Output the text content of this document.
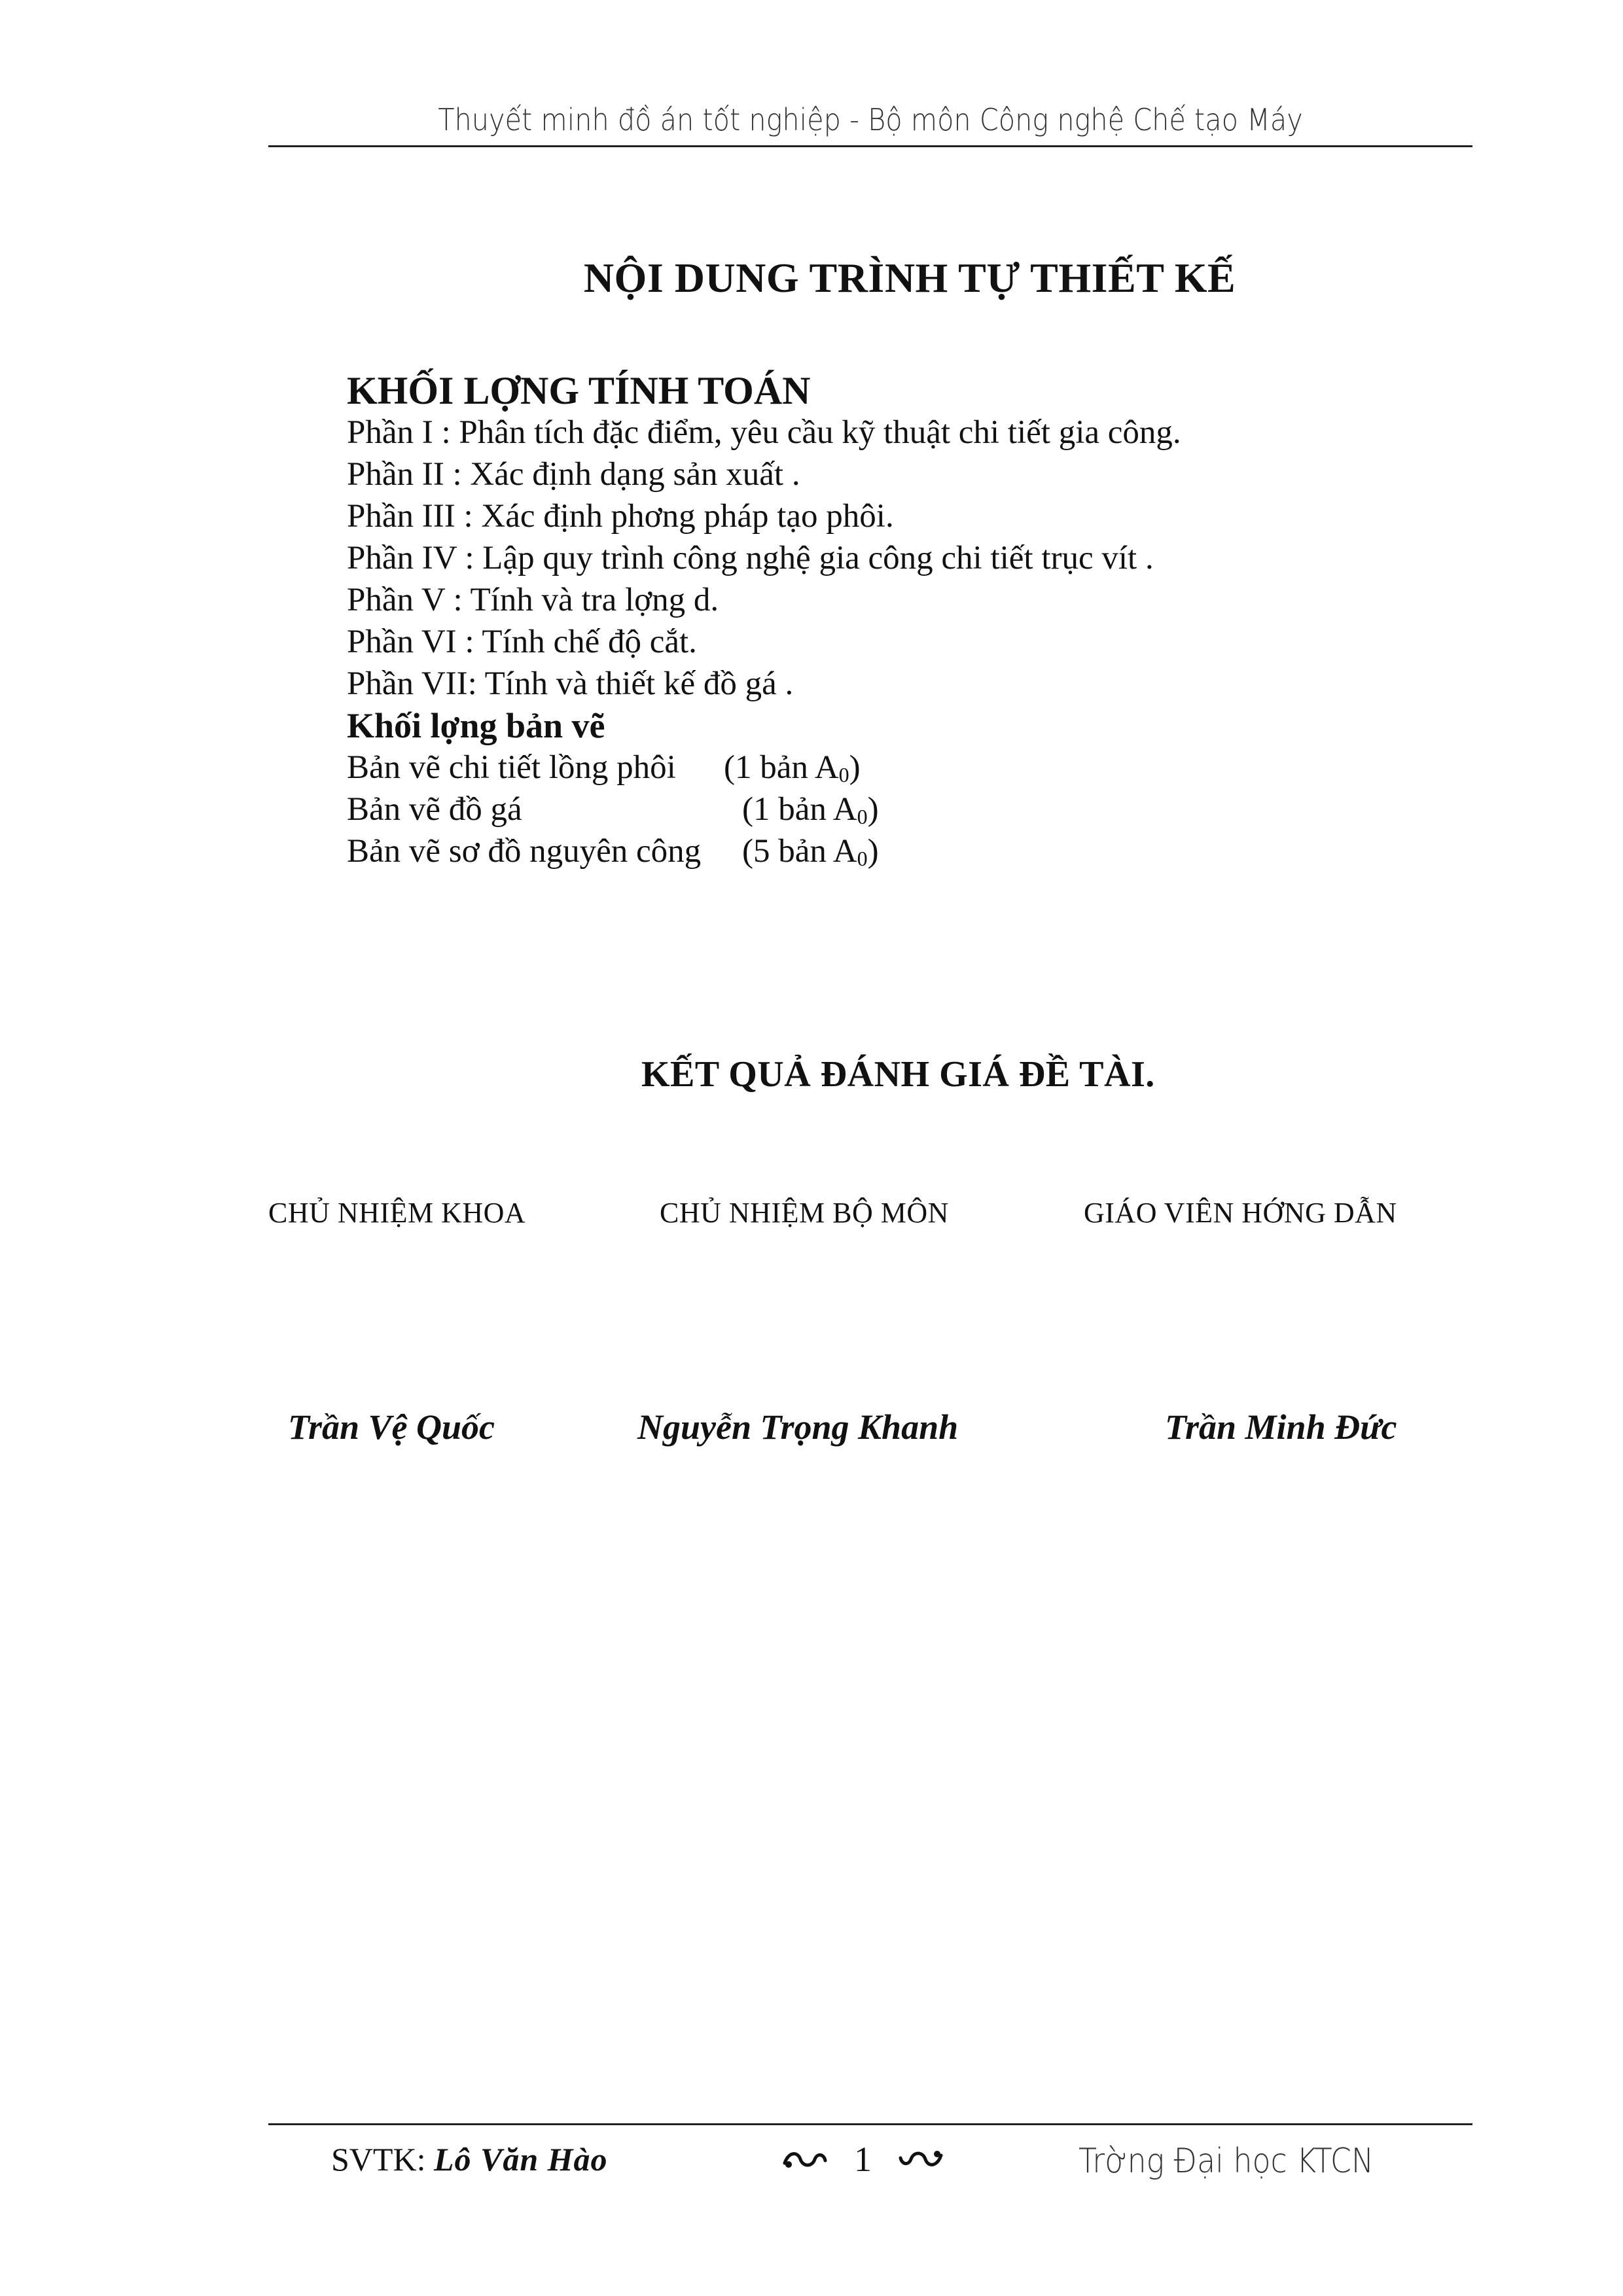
Thuyết minh đồ án tốt nghiệp - Bộ môn Công nghệ Chế tạo Máy
NỘI DUNG TRÌNH TỰ THIẾT KẾ
KHỐI LỢNG TÍNH TOÁN
Phần I : Phân tích đặc điểm, yêu cầu kỹ thuật chi tiết gia công.
Phần II : Xác định dạng sản xuất .
Phần III : Xác định phơng pháp tạo phôi.
Phần IV : Lập quy trình công nghệ gia công chi tiết trục vít .
Phần V : Tính và tra lợng d.
Phần VI : Tính chế độ cắt.
Phần VII: Tính và thiết kế đồ gá .
Khối lợng bản vẽ
Bản vẽ chi tiết lồng phôi (1 bản $A_0$)
Bản vẽ đồ gá	(1 bản $A_0$)
Bản vẽ sơ đồ nguyên công (5 bản $A_0$)
KẾT QUẢ ĐÁNH GIÁ ĐỀ TÀI.
CHỦ NHIỆM KHOA	CHỦ NHIỆM BỘ MÔN	GIÁO VIÊN HỚNG DẪN
Trần Vệ Quốc	Nguyễn Trọng Khanh	Trần Minh Đức
SVTK: Lô Văn Hào	1	Trờng Đại học KTCN
